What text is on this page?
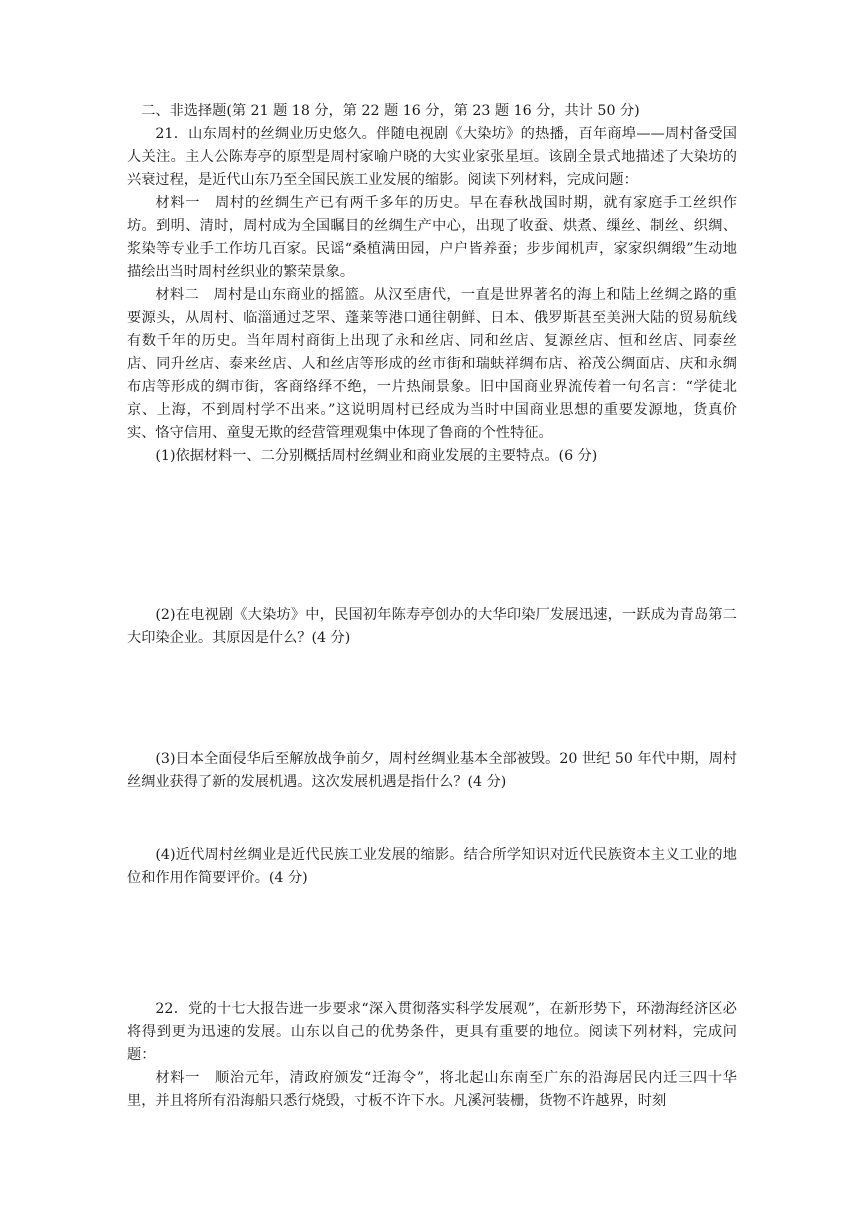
二、非选择题(第 21 题 18 分，第 22 题 16 分，第 23 题 16 分，共计 50 分)

21．山东周村的丝绸业历史悠久。伴随电视剧《大染坊》的热播，百年商埠——周村备受国人关注。主人公陈寿亭的原型是周村家喻户晓的大实业家张星垣。该剧全景式地描述了大染坊的兴衰过程，是近代山东乃至全国民族工业发展的缩影。阅读下列材料，完成问题：

材料一　周村的丝绸生产已有两千多年的历史。早在春秋战国时期，就有家庭手工丝织作坊。到明、清时，周村成为全国瞩目的丝绸生产中心，出现了收蚕、烘煮、缫丝、制丝、织绸、浆染等专业手工作坊几百家。民谣“桑植满田园，户户皆养蚕；步步闻机声，家家织绸缎”生动地描绘出当时周村丝织业的繁荣景象。

材料二　周村是山东商业的摇篮。从汉至唐代，一直是世界著名的海上和陆上丝绸之路的重要源头，从周村、临淄通过芝罘、蓬莱等港口通往朝鲜、日本、俄罗斯甚至美洲大陆的贸易航线有数千年的历史。当年周村商街上出现了永和丝店、同和丝店、复源丝店、恒和丝店、同泰丝店、同升丝店、泰来丝店、人和丝店等形成的丝市街和瑞蚨祥绸布店、裕茂公绸面店、庆和永绸布店等形成的绸市街，客商络绎不绝，一片热闹景象。旧中国商业界流传着一句名言：“学徒北京、上海，不到周村学不出来。”这说明周村已经成为当时中国商业思想的重要发源地，货真价实、恪守信用、童叟无欺的经营管理观集中体现了鲁商的个性特征。

(1)依据材料一、二分别概括周村丝绸业和商业发展的主要特点。(6 分)

(2)在电视剧《大染坊》中，民国初年陈寿亭创办的大华印染厂发展迅速，一跃成为青岛第二大印染企业。其原因是什么？(4 分)

(3)日本全面侵华后至解放战争前夕，周村丝绸业基本全部被毁。20 世纪 50 年代中期，周村丝绸业获得了新的发展机遇。这次发展机遇是指什么？(4 分)

(4)近代周村丝绸业是近代民族工业发展的缩影。结合所学知识对近代民族资本主义工业的地位和作用作简要评价。(4 分)

22．党的十七大报告进一步要求“深入贯彻落实科学发展观”，在新形势下，环渤海经济区必将得到更为迅速的发展。山东以自己的优势条件，更具有重要的地位。阅读下列材料，完成问题：

材料一　顺治元年，清政府颁发“迁海令”，将北起山东南至广东的沿海居民内迁三四十华里，并且将所有沿海船只悉行烧毁，寸板不许下水。凡溪河装栅，货物不许越界，时刻
